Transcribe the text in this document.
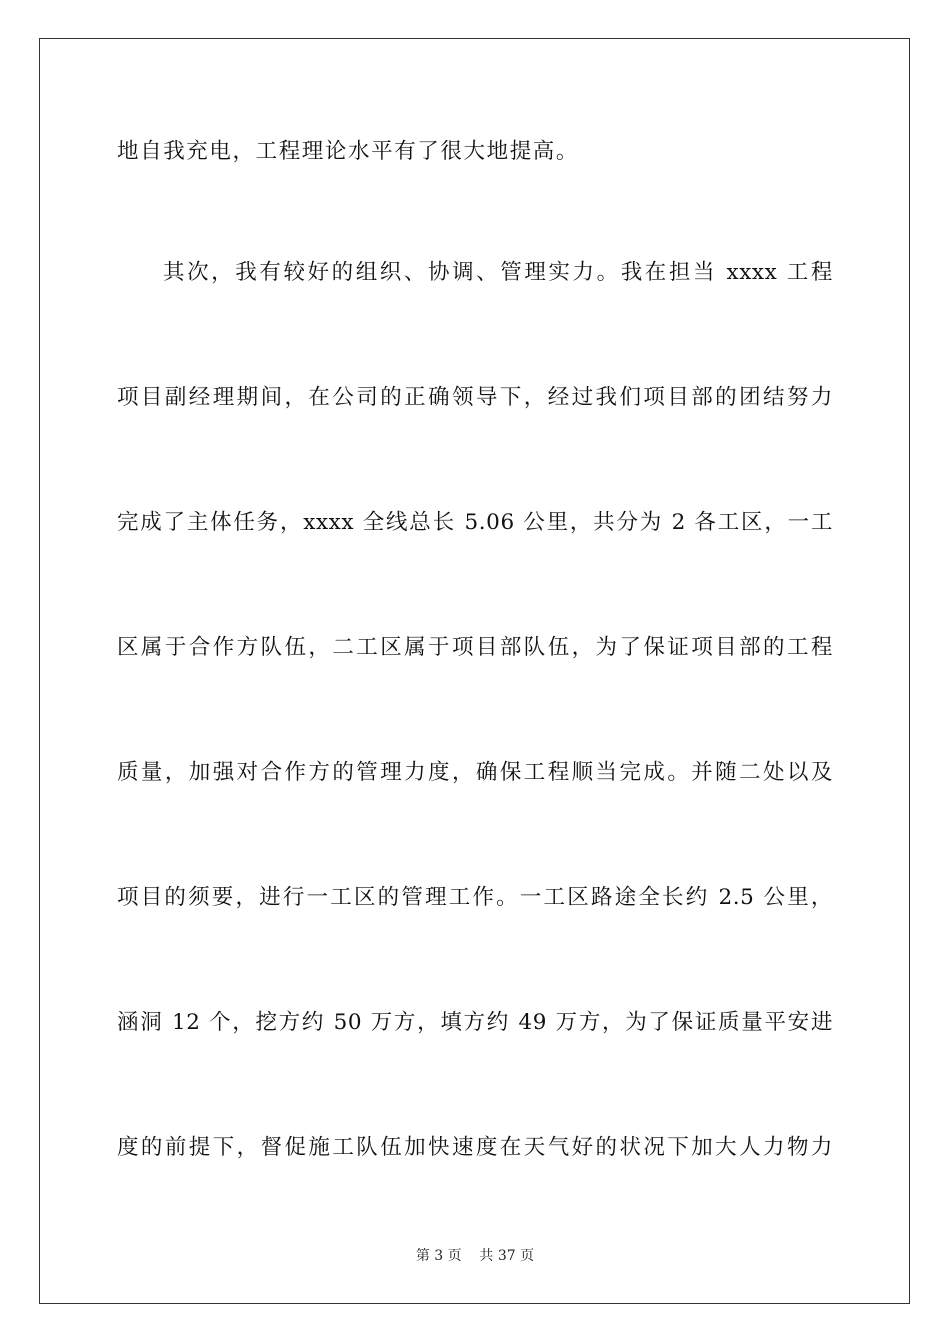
地自我充电，工程理论水平有了很大地提高。
其次，我有较好的组织、协调、管理实力。我在担当 xxxx 工程
项目副经理期间，在公司的正确领导下，经过我们项目部的团结努力
完成了主体任务，xxxx 全线总长 5.06 公里，共分为 2 各工区，一工
区属于合作方队伍，二工区属于项目部队伍，为了保证项目部的工程
质量，加强对合作方的管理力度，确保工程顺当完成。并随二处以及
项目的须要，进行一工区的管理工作。一工区路途全长约 2.5 公里，
涵洞 12 个，挖方约 50 万方，填方约 49 万方，为了保证质量平安进
度的前提下，督促施工队伍加快速度在天气好的状况下加大人力物力
第 3 页    共 37 页
